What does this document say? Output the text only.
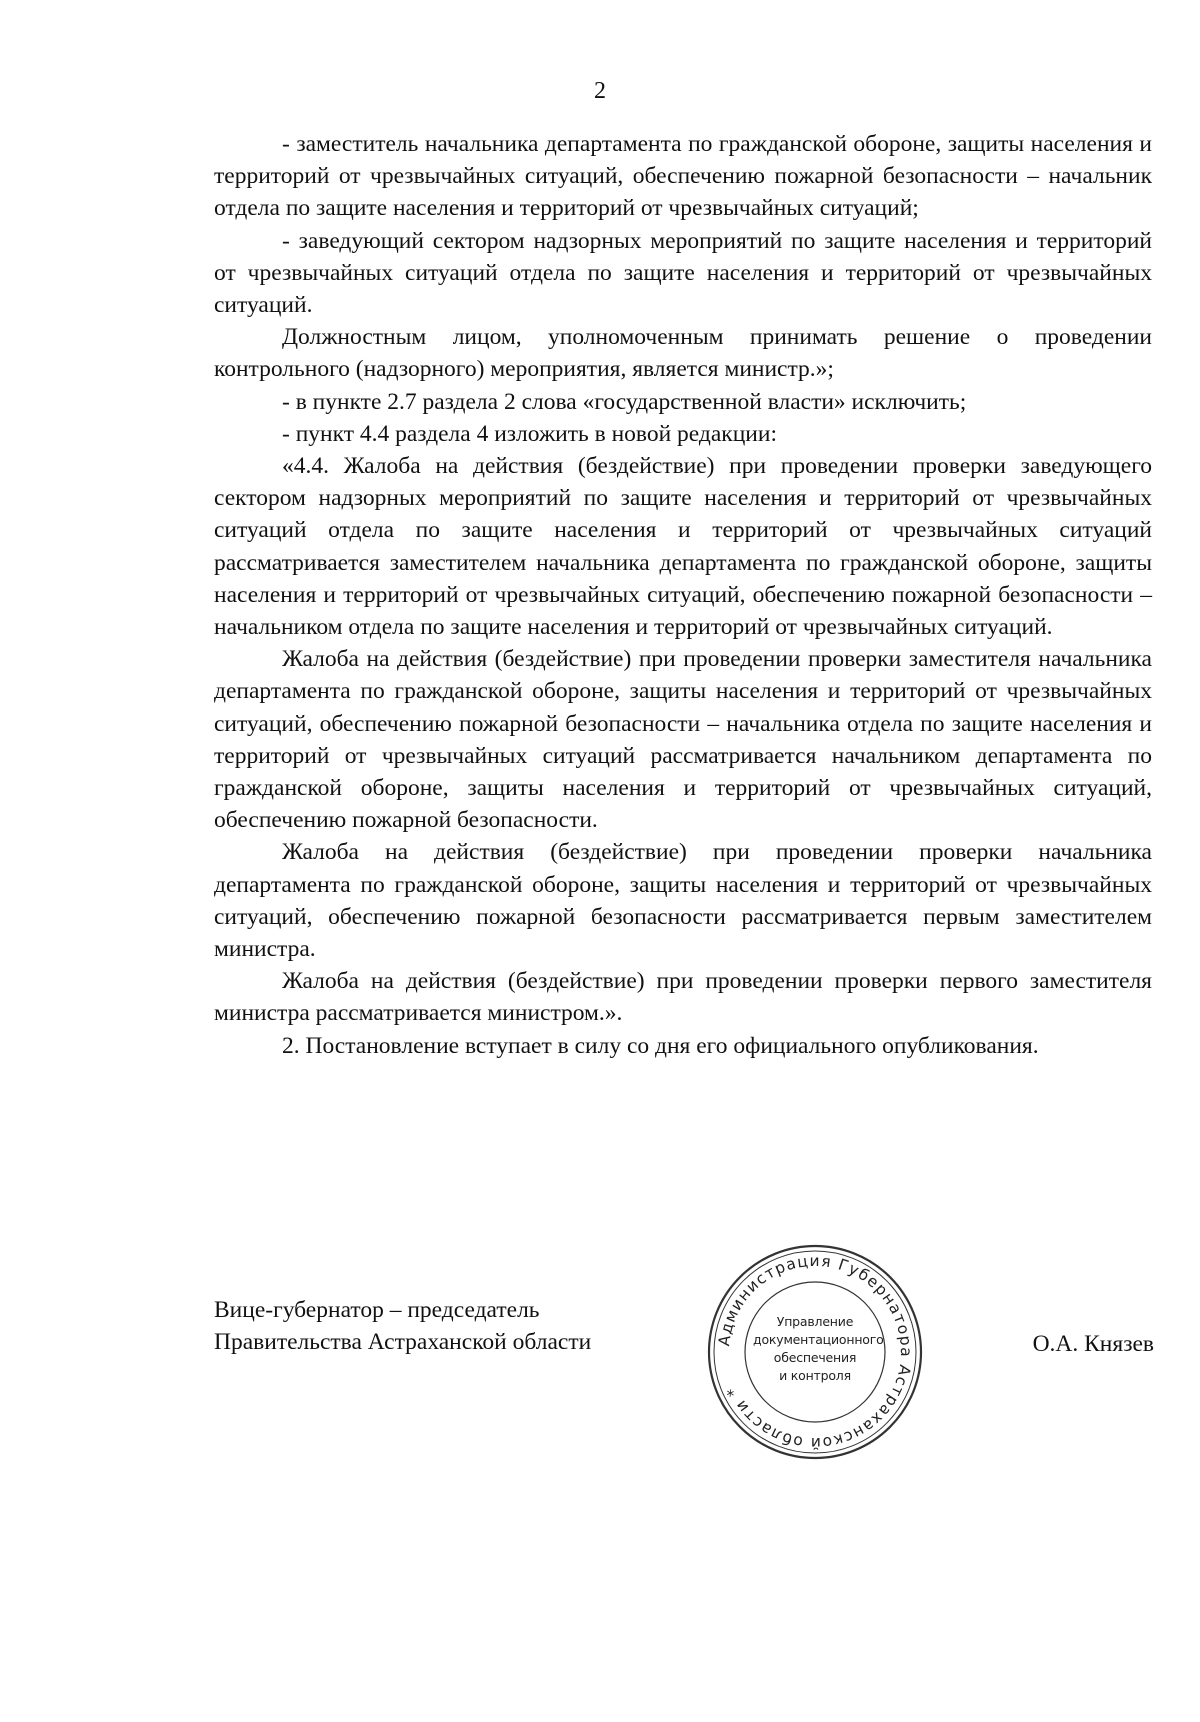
2

- заместитель начальника департамента по гражданской обороне, защиты населения и территорий от чрезвычайных ситуаций, обеспечению пожарной безопасности – начальник отдела по защите населения и территорий от чрезвычайных ситуаций;

- заведующий сектором надзорных мероприятий по защите населения и территорий от чрезвычайных ситуаций отдела по защите населения и территорий от чрезвычайных ситуаций.

Должностным лицом, уполномоченным принимать решение о проведении контрольного (надзорного) мероприятия, является министр.»;

- в пункте 2.7 раздела 2 слова «государственной власти» исключить;

- пункт 4.4 раздела 4 изложить в новой редакции:

«4.4. Жалоба на действия (бездействие) при проведении проверки заведующего сектором надзорных мероприятий по защите населения и территорий от чрезвычайных ситуаций отдела по защите населения и территорий от чрезвычайных ситуаций рассматривается заместителем начальника департамента по гражданской обороне, защиты населения и территорий от чрезвычайных ситуаций, обеспечению пожарной безопасности – начальником отдела по защите населения и территорий от чрезвычайных ситуаций.

Жалоба на действия (бездействие) при проведении проверки заместителя начальника департамента по гражданской обороне, защиты населения и территорий от чрезвычайных ситуаций, обеспечению пожарной безопасности – начальника отдела по защите населения и территорий от чрезвычайных ситуаций рассматривается начальником департамента по гражданской обороне, защиты населения и территорий от чрезвычайных ситуаций, обеспечению пожарной безопасности.

Жалоба на действия (бездействие) при проведении проверки начальника департамента по гражданской обороне, защиты населения и территорий от чрезвычайных ситуаций, обеспечению пожарной безопасности рассматривается первым заместителем министра.

Жалоба на действия (бездействие) при проведении проверки первого заместителя министра рассматривается министром.».

2. Постановление вступает в силу со дня его официального опубликования.

Вице-губернатор – председатель
Правительства Астраханской области	О.А. Князев
Администрация Губернатора Астраханской области *
Управление
документационного
обеспечения
и контроля
